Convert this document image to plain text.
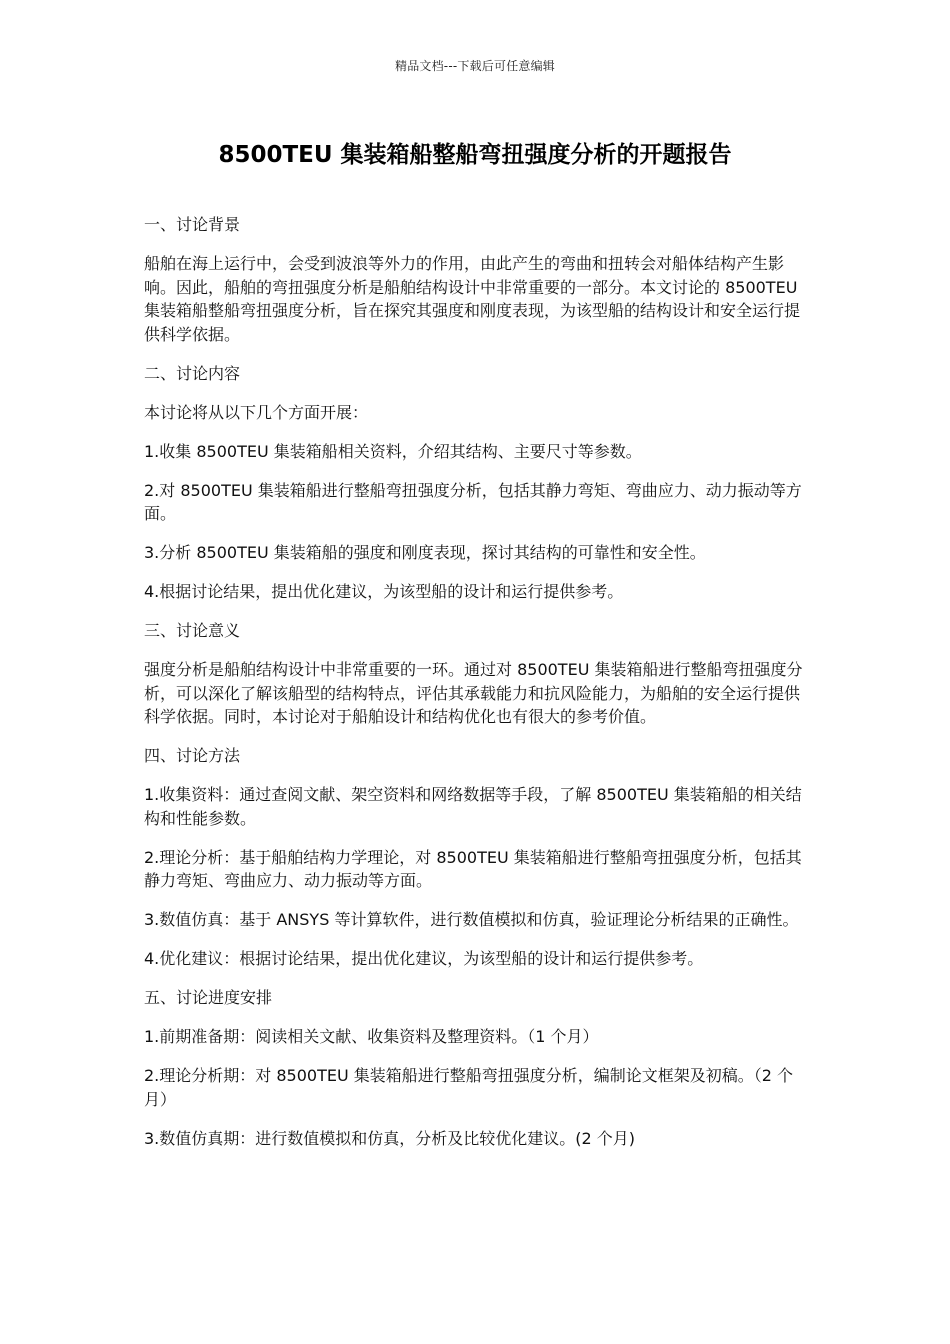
精品文档---下载后可任意编辑
8500TEU 集装箱船整船弯扭强度分析的开题报告

一、讨论背景

船舶在海上运行中，会受到波浪等外力的作用，由此产生的弯曲和扭转会对船体结构产生影响。因此，船舶的弯扭强度分析是船舶结构设计中非常重要的一部分。本文讨论的 8500TEU 集装箱船整船弯扭强度分析，旨在探究其强度和刚度表现，为该型船的结构设计和安全运行提供科学依据。

二、讨论内容

本讨论将从以下几个方面开展：

1.收集 8500TEU 集装箱船相关资料，介绍其结构、主要尺寸等参数。

2.对 8500TEU 集装箱船进行整船弯扭强度分析，包括其静力弯矩、弯曲应力、动力振动等方面。

3.分析 8500TEU 集装箱船的强度和刚度表现，探讨其结构的可靠性和安全性。

4.根据讨论结果，提出优化建议，为该型船的设计和运行提供参考。

三、讨论意义

强度分析是船舶结构设计中非常重要的一环。通过对 8500TEU 集装箱船进行整船弯扭强度分析，可以深化了解该船型的结构特点，评估其承载能力和抗风险能力，为船舶的安全运行提供科学依据。同时，本讨论对于船舶设计和结构优化也有很大的参考价值。

四、讨论方法

1.收集资料：通过查阅文献、架空资料和网络数据等手段，了解 8500TEU 集装箱船的相关结构和性能参数。

2.理论分析：基于船舶结构力学理论，对 8500TEU 集装箱船进行整船弯扭强度分析，包括其静力弯矩、弯曲应力、动力振动等方面。

3.数值仿真：基于 ANSYS 等计算软件，进行数值模拟和仿真，验证理论分析结果的正确性。

4.优化建议：根据讨论结果，提出优化建议，为该型船的设计和运行提供参考。

五、讨论进度安排

1.前期准备期：阅读相关文献、收集资料及整理资料。（1 个月）

2.理论分析期：对 8500TEU 集装箱船进行整船弯扭强度分析，编制论文框架及初稿。（2 个月）

3.数值仿真期：进行数值模拟和仿真，分析及比较优化建议。(2 个月)
